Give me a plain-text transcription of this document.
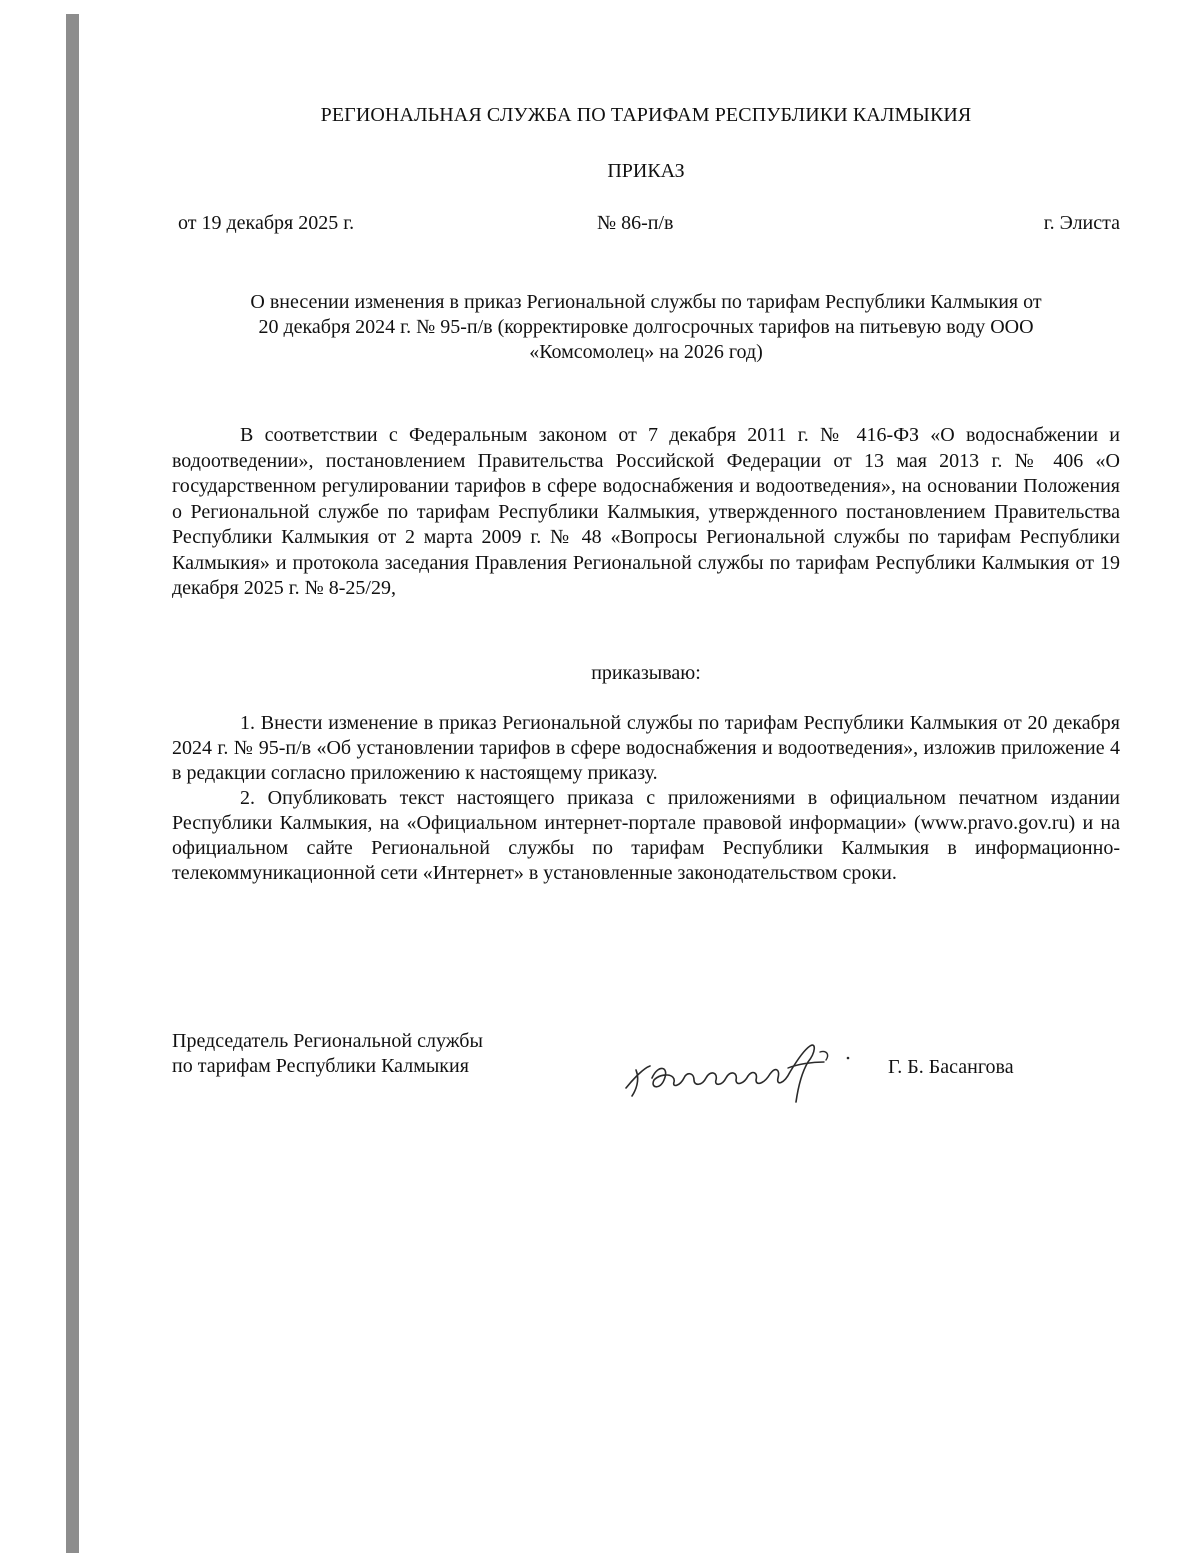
РЕГИОНАЛЬНАЯ СЛУЖБА ПО ТАРИФАМ РЕСПУБЛИКИ КАЛМЫКИЯ
ПРИКАЗ
от 19 декабря 2025 г.	№ 86-п/в	г. Элиста
О внесении изменения в приказ Региональной службы по тарифам Республики Калмыкия от
20 декабря 2024 г. № 95-п/в (корректировке долгосрочных тарифов на питьевую воду ООО
«Комсомолец» на 2026 год)

В соответствии с Федеральным законом от 7 декабря 2011 г. № 416-ФЗ «О водоснабжении и водоотведении», постановлением Правительства Российской Федерации от 13 мая 2013 г. № 406 «О государственном регулировании тарифов в сфере водоснабжения и водоотведения», на основании Положения о Региональной службе по тарифам Республики Калмыкия, утвержденного постановлением Правительства Республики Калмыкия от 2 марта 2009 г. № 48 «Вопросы Региональной службы по тарифам Республики Калмыкия» и протокола заседания Правления Региональной службы по тарифам Республики Калмыкия от 19 декабря 2025 г. № 8-25/29,

приказываю:

1. Внести изменение в приказ Региональной службы по тарифам Республики Калмыкия от 20 декабря 2024 г. № 95-п/в «Об установлении тарифов в сфере водоснабжения и водоотведения», изложив приложение 4 в редакции согласно приложению к настоящему приказу.

2. Опубликовать текст настоящего приказа с приложениями в официальном печатном издании Республики Калмыкия, на «Официальном интернет-портале правовой информации» (www.pravo.gov.ru) и на официальном сайте Региональной службы по тарифам Республики Калмыкия в информационно-телекоммуникационной сети «Интернет» в установленные законодательством сроки.

Председатель Региональной службы
по тарифам Республики Калмыкия	Г. Б. Басангова
